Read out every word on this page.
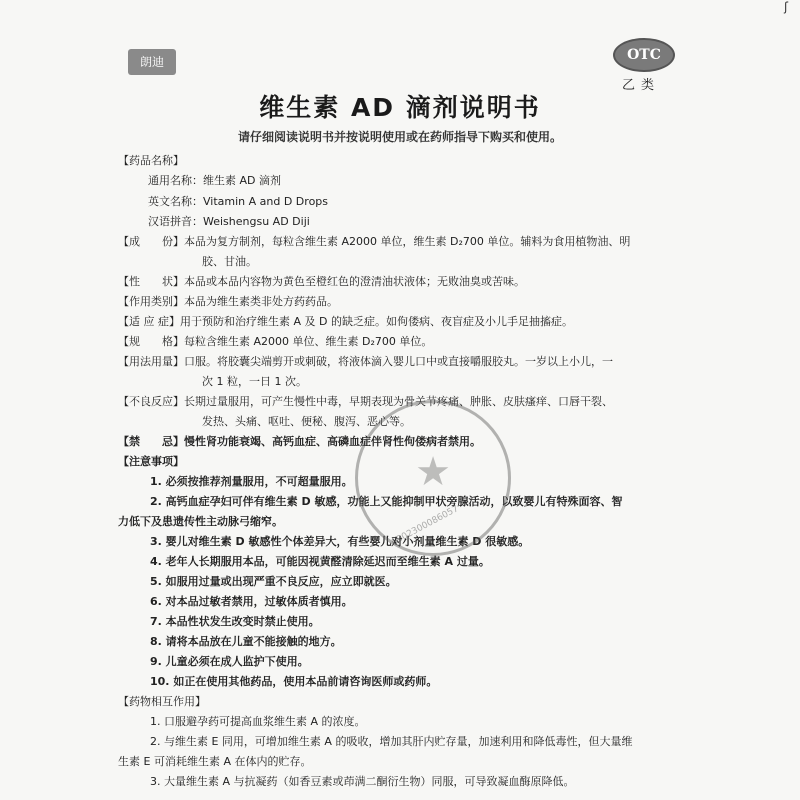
ʃ
朗迪	OTC
乙类
维生素 AD 滴剂说明书
请仔细阅读说明书并按说明使用或在药师指导下购买和使用。
【药品名称】
通用名称：维生素 AD 滴剂
英文名称：Vitamin A and D Drops
汉语拼音：Weishengsu AD Diji
【成　　份】本品为复方制剂，每粒含维生素 A2000 单位，维生素 D₂700 单位。辅料为食用植物油、明
胶、甘油。
【性　　状】本品或本品内容物为黄色至橙红色的澄清油状液体；无败油臭或苦味。
【作用类别】本品为维生素类非处方药药品。
【适 应 症】用于预防和治疗维生素 A 及 D 的缺乏症。如佝偻病、夜盲症及小儿手足抽搐症。
【规　　格】每粒含维生素 A2000 单位、维生素 D₂700 单位。
【用法用量】口服。将胶囊尖端剪开或刺破，将液体滴入婴儿口中或直接嚼服胶丸。一岁以上小儿，一
次 1 粒，一日 1 次。
【不良反应】长期过量服用，可产生慢性中毒，早期表现为骨关节疼痛、肿胀、皮肤瘙痒、口唇干裂、
发热、头痛、呕吐、便秘、腹泻、恶心等。
【禁　　忌】慢性肾功能衰竭、高钙血症、高磷血症伴肾性佝偻病者禁用。
【注意事项】
1. 必须按推荐剂量服用，不可超量服用。
2. 高钙血症孕妇可伴有维生素 D 敏感，功能上又能抑制甲状旁腺活动，以致婴儿有特殊面容、智
力低下及患遗传性主动脉弓缩窄。
3. 婴儿对维生素 D 敏感性个体差异大，有些婴儿对小剂量维生素 D 很敏感。
4. 老年人长期服用本品，可能因视黄醛清除延迟而至维生素 A 过量。
5. 如服用过量或出现严重不良反应，应立即就医。
6. 对本品过敏者禁用，过敏体质者慎用。
7. 本品性状发生改变时禁止使用。
8. 请将本品放在儿童不能接触的地方。
9. 儿童必须在成人监护下使用。
10. 如正在使用其他药品，使用本品前请咨询医师或药师。
【药物相互作用】
1. 口服避孕药可提高血浆维生素 A 的浓度。
2. 与维生素 E 同用，可增加维生素 A 的吸收，增加其肝内贮存量，加速利用和降低毒性，但大量维
生素 E 可消耗维生素 A 在体内的贮存。
3. 大量维生素 A 与抗凝药（如香豆素或茚满二酮衍生物）同服，可导致凝血酶原降低。
★
6902300086057
